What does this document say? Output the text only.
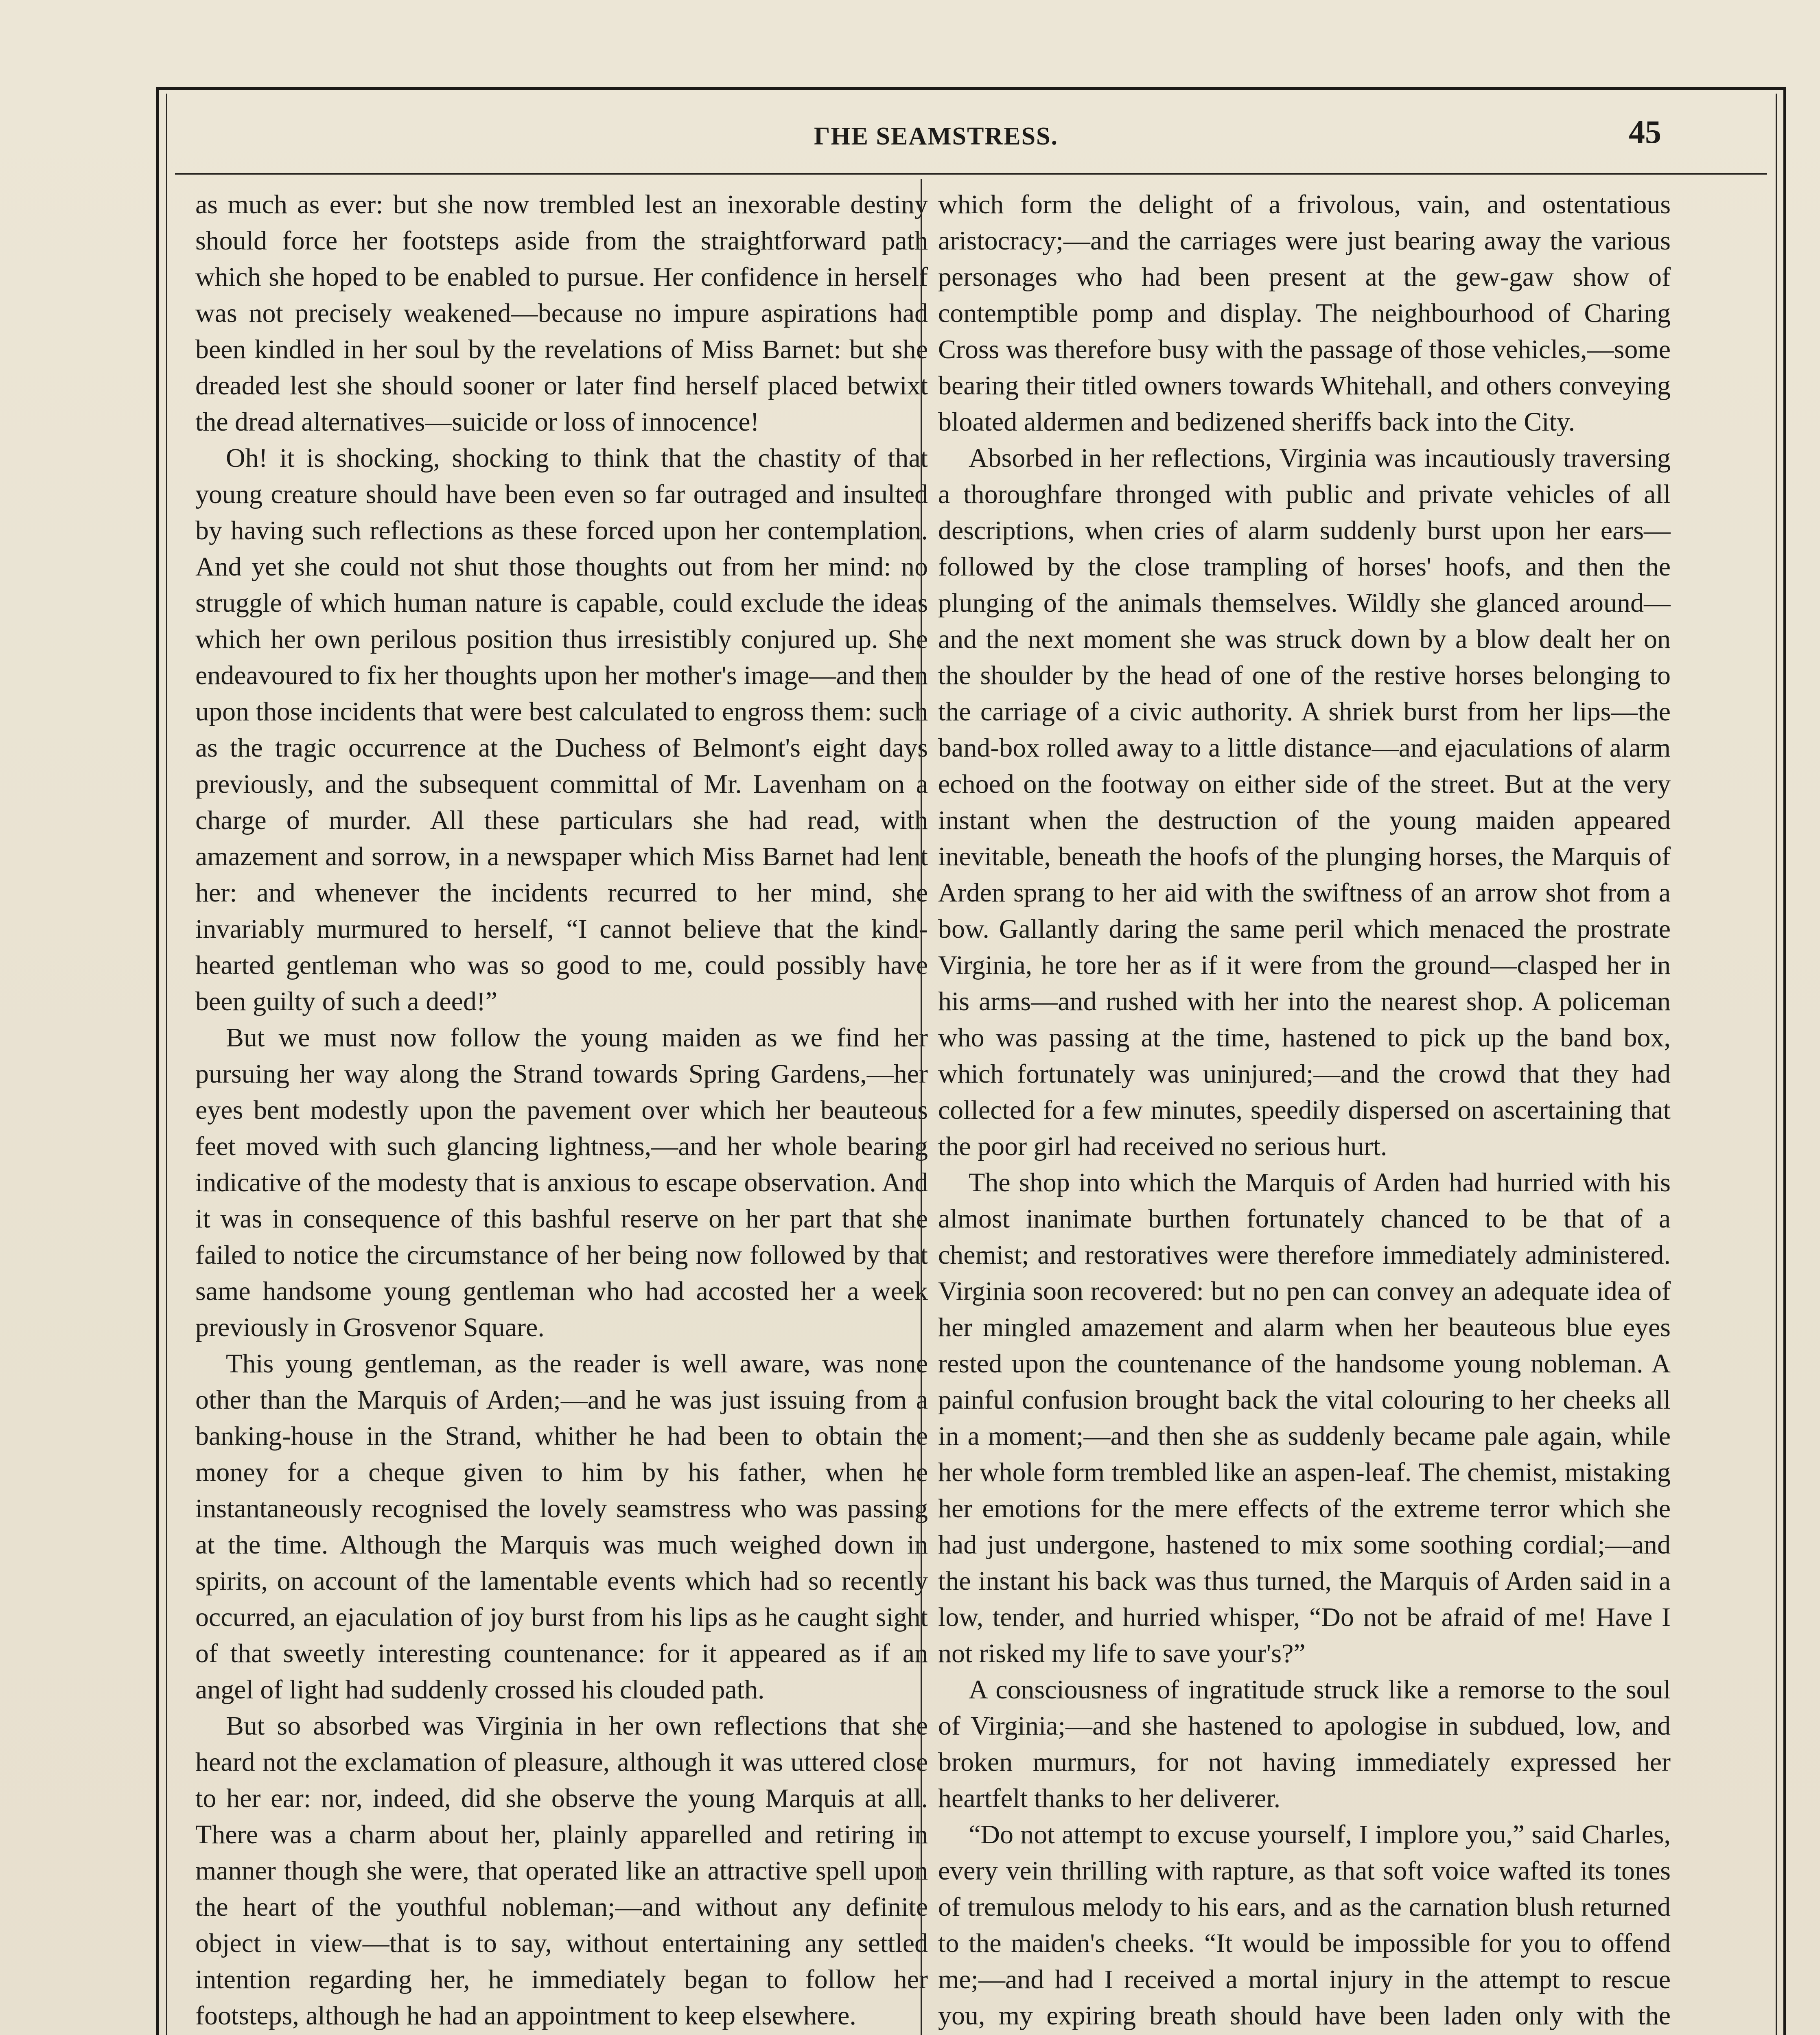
ΓHE SEAMSTRESS.	45

as much as ever: but she now trembled lest an inexorable destiny should force her footsteps aside from the straightforward path which she hoped to be enabled to pursue. Her confidence in herself was not precisely weakened—because no impure aspirations had been kindled in her soul by the revelations of Miss Barnet: but she dreaded lest she should sooner or later find herself placed betwixt the dread alternatives—suicide or loss of innocence!

Oh! it is shocking, shocking to think that the chastity of that young creature should have been even so far outraged and insulted by having such reflections as these forced upon her contemplation. And yet she could not shut those thoughts out from her mind: no struggle of which human nature is capable, could exclude the ideas which her own perilous position thus irresistibly conjured up. She endeavoured to fix her thoughts upon her mother's image—and then upon those incidents that were best calculated to engross them: such as the tragic occurrence at the Duchess of Belmont's eight days previously, and the subsequent committal of Mr. Lavenham on a charge of murder. All these particulars she had read, with amazement and sorrow, in a newspaper which Miss Barnet had lent her: and whenever the incidents recurred to her mind, she invariably murmured to herself, “I cannot believe that the kind-hearted gentleman who was so good to me, could possibly have been guilty of such a deed!”

But we must now follow the young maiden as we find her pursuing her way along the Strand towards Spring Gardens,—her eyes bent modestly upon the pavement over which her beauteous feet moved with such glancing lightness,—and her whole bearing indicative of the modesty that is anxious to escape observation. And it was in consequence of this bashful reserve on her part that she failed to notice the circumstance of her being now followed by that same handsome young gentleman who had accosted her a week previously in Grosvenor Square.

This young gentleman, as the reader is well aware, was none other than the Marquis of Arden;—and he was just issuing from a banking-house in the Strand, whither he had been to obtain the money for a cheque given to him by his father, when he instantaneously recognised the lovely seamstress who was passing at the time. Although the Marquis was much weighed down in spirits, on account of the lamentable events which had so recently occurred, an ejaculation of joy burst from his lips as he caught sight of that sweetly interesting countenance: for it appeared as if an angel of light had suddenly crossed his clouded path.

But so absorbed was Virginia in her own reflections that she heard not the exclamation of pleasure, although it was uttered close to her ear: nor, indeed, did she observe the young Marquis at all. There was a charm about her, plainly apparelled and retiring in manner though she were, that operated like an attractive spell upon the heart of the youthful nobleman;—and without any definite object in view—that is to say, without entertaining any settled intention regarding her, he immediately began to follow her footsteps, although he had an appointment to keep elsewhere.

which form the delight of a frivolous, vain, and ostentatious aristocracy;—and the carriages were just bearing away the various personages who had been present at the gew-gaw show of contemptible pomp and display. The neighbourhood of Charing Cross was therefore busy with the passage of those vehicles,—some bearing their titled owners towards Whitehall, and others conveying bloated aldermen and bedizened sheriffs back into the City.

Absorbed in her reflections, Virginia was incautiously traversing a thoroughfare thronged with public and private vehicles of all descriptions, when cries of alarm suddenly burst upon her ears—followed by the close trampling of horses' hoofs, and then the plunging of the animals themselves. Wildly she glanced around—and the next moment she was struck down by a blow dealt her on the shoulder by the head of one of the restive horses belonging to the carriage of a civic authority. A shriek burst from her lips—the band-box rolled away to a little distance—and ejaculations of alarm echoed on the footway on either side of the street. But at the very instant when the destruction of the young maiden appeared inevitable, beneath the hoofs of the plunging horses, the Marquis of Arden sprang to her aid with the swiftness of an arrow shot from a bow. Gallantly daring the same peril which menaced the prostrate Virginia, he tore her as if it were from the ground—clasped her in his arms—and rushed with her into the nearest shop. A policeman who was passing at the time, hastened to pick up the band box, which fortunately was uninjured;—and the crowd that they had collected for a few minutes, speedily dispersed on ascertaining that the poor girl had received no serious hurt.

The shop into which the Marquis of Arden had hurried with his almost inanimate burthen fortunately chanced to be that of a chemist; and restoratives were therefore immediately administered. Virginia soon recovered: but no pen can convey an adequate idea of her mingled amazement and alarm when her beauteous blue eyes rested upon the countenance of the handsome young nobleman. A painful confusion brought back the vital colouring to her cheeks all in a moment;—and then she as suddenly became pale again, while her whole form trembled like an aspen-leaf. The chemist, mistaking her emotions for the mere effects of the extreme terror which she had just undergone, hastened to mix some soothing cordial;—and the instant his back was thus turned, the Marquis of Arden said in a low, tender, and hurried whisper, “Do not be afraid of me! Have I not risked my life to save your's?”

A consciousness of ingratitude struck like a remorse to the soul of Virginia;—and she hastened to apologise in subdued, low, and broken murmurs, for not having immediately expressed her heartfelt thanks to her deliverer.

“Do not attempt to excuse yourself, I implore you,” said Charles, every vein thrilling with rapture, as that soft voice wafted its tones of tremulous melody to his ears, and as the carnation blush returned to the maiden's cheeks. “It would be impossible for you to offend me;—and had I received a mortal injury in the attempt to rescue you, my expiring breath should have been laden only with the
